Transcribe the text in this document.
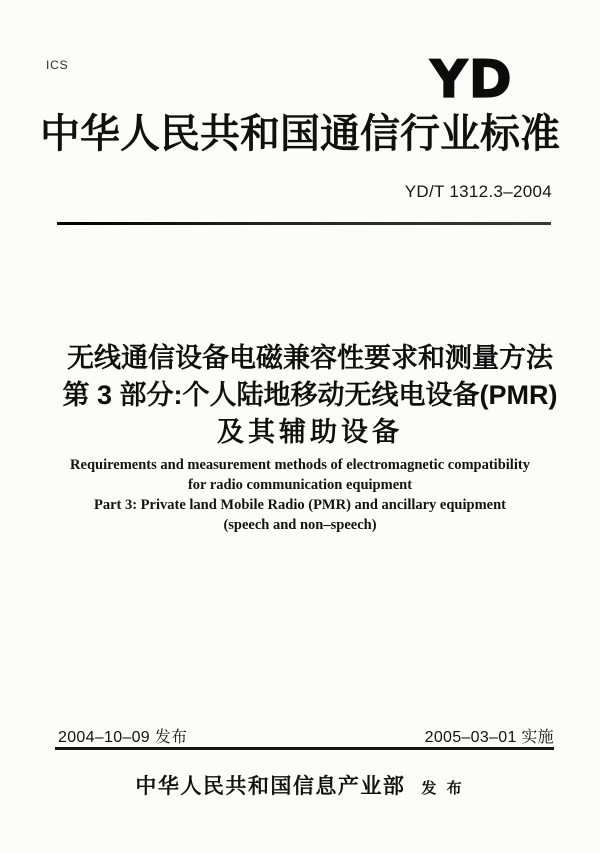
ICS	YD
中华人民共和国通信行业标准
YD/T 1312.3–2004
无线通信设备电磁兼容性要求和测量方法
第 3 部分:个人陆地移动无线电设备(PMR)
及其辅助设备
Requirements and measurement methods of electromagnetic compatibility
for radio communication equipment
Part 3: Private land Mobile Radio (PMR) and ancillary equipment
(speech and non–speech)
2004–10–09 发布	2005–03–01 实施
中华人民共和国信息产业部 发 布
